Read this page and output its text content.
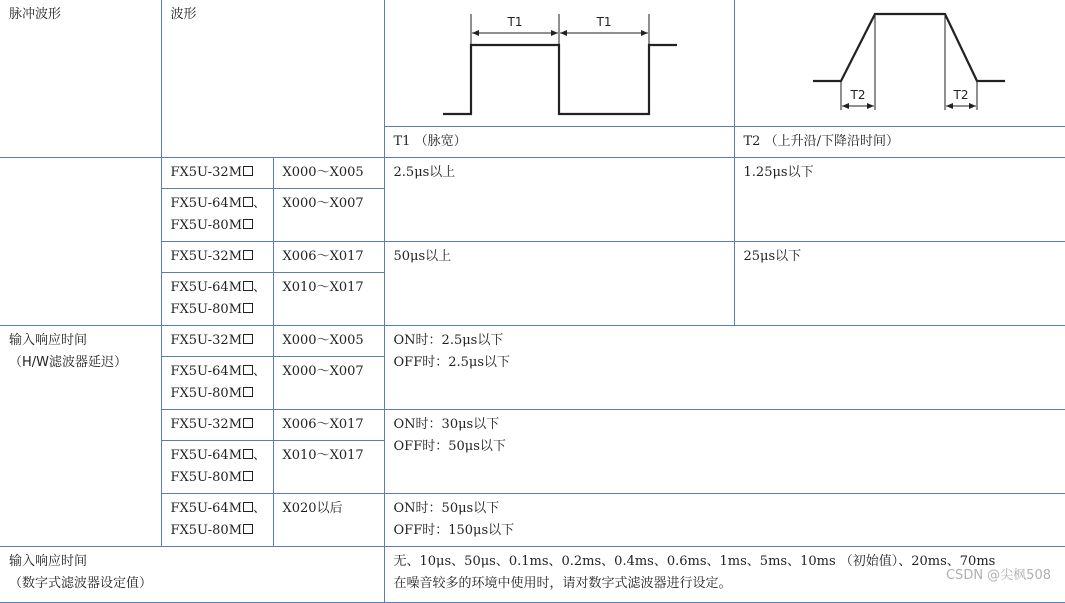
脉冲波形	波形		T1 T1	T2 T2

			T1 （脉宽）	T2 （上升沿/下降沿时间）
	FX5U-32M	X000～X005	2.5μs以上	1.25μs以下

	FX5U-64M 、
FX5U-80M	X000～X007		
	FX5U-32M	X006～X017	50μs以上	25μs以下

	FX5U-64M 、
FX5U-80M	X010～X017		

输入响应时间
（H/W滤波器延迟）	FX5U-32M	X000～X005	ON时：2.5μs以下
OFF时：2.5μs以下	

	FX5U-64M 、
FX5U-80M	X000～X007		
	FX5U-32M	X006～X017	ON时：30μs以下
OFF时：50μs以下	

	FX5U-64M 、
FX5U-80M	X010～X017		

	FX5U-64M 、
FX5U-80M	X020以后	ON时：50μs以下
OFF时：150μs以下	

输入响应时间
（数字式滤波器设定值）			无、10μs、50μs、0.1ms、0.2ms、0.4ms、0.6ms、1ms、5ms、10ms （初始值）、20ms、70ms
在噪音较多的环境中使用时，请对数字式滤波器进行设定。	
CSDN @尖枫508
